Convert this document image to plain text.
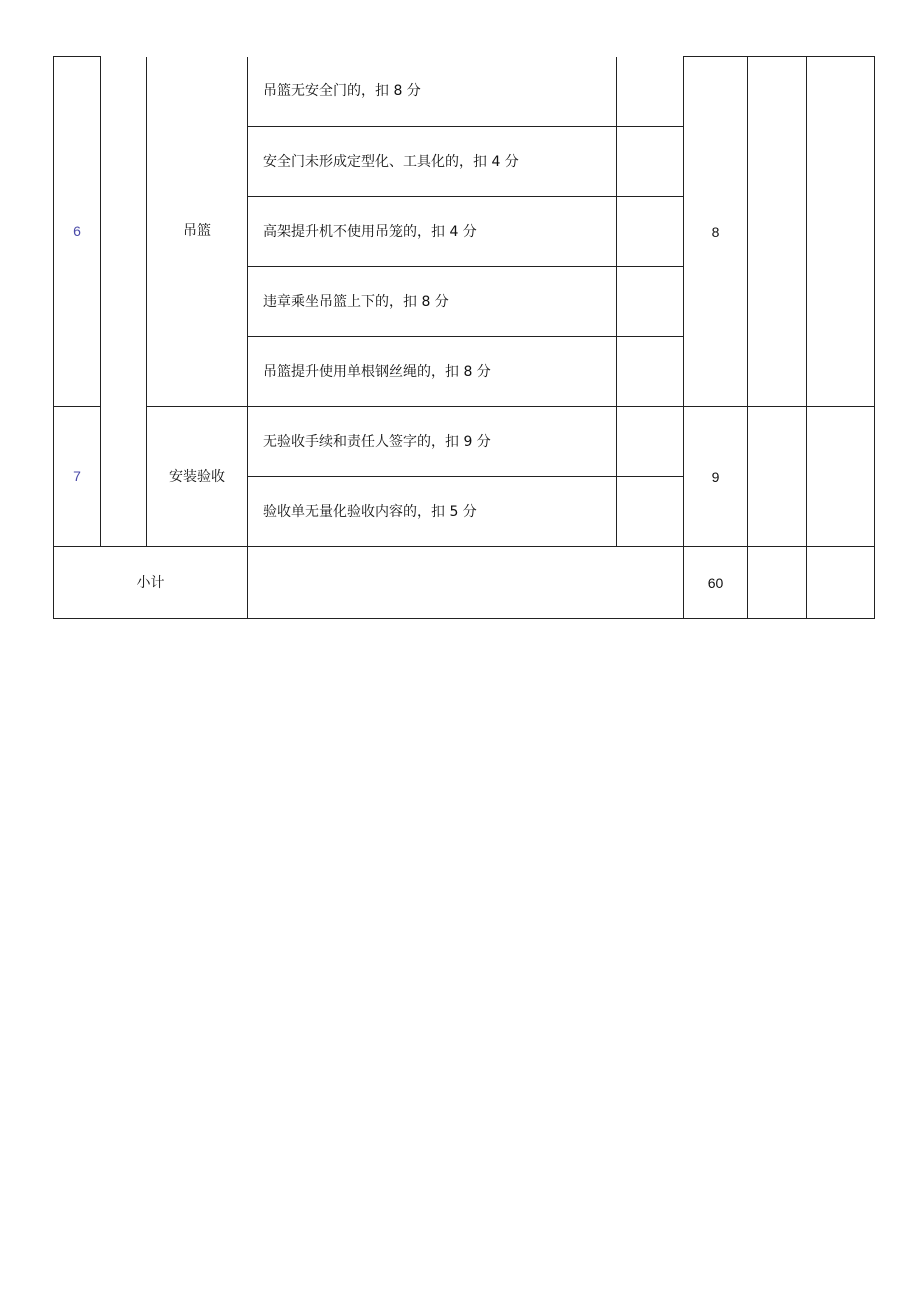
6		吊篮	吊篮无安全门的，扣 8 分		8		
			安全门未形成定型化、工具化的，扣 4 分				
			高架提升机不使用吊笼的，扣 4 分				
			违章乘坐吊篮上下的，扣 8 分				
			吊篮提升使用单根钢丝绳的，扣 8 分				
7		安装验收	无验收手续和责任人签字的，扣 9 分		9		
			验收单无量化验收内容的，扣 5 分				
小计					60		
